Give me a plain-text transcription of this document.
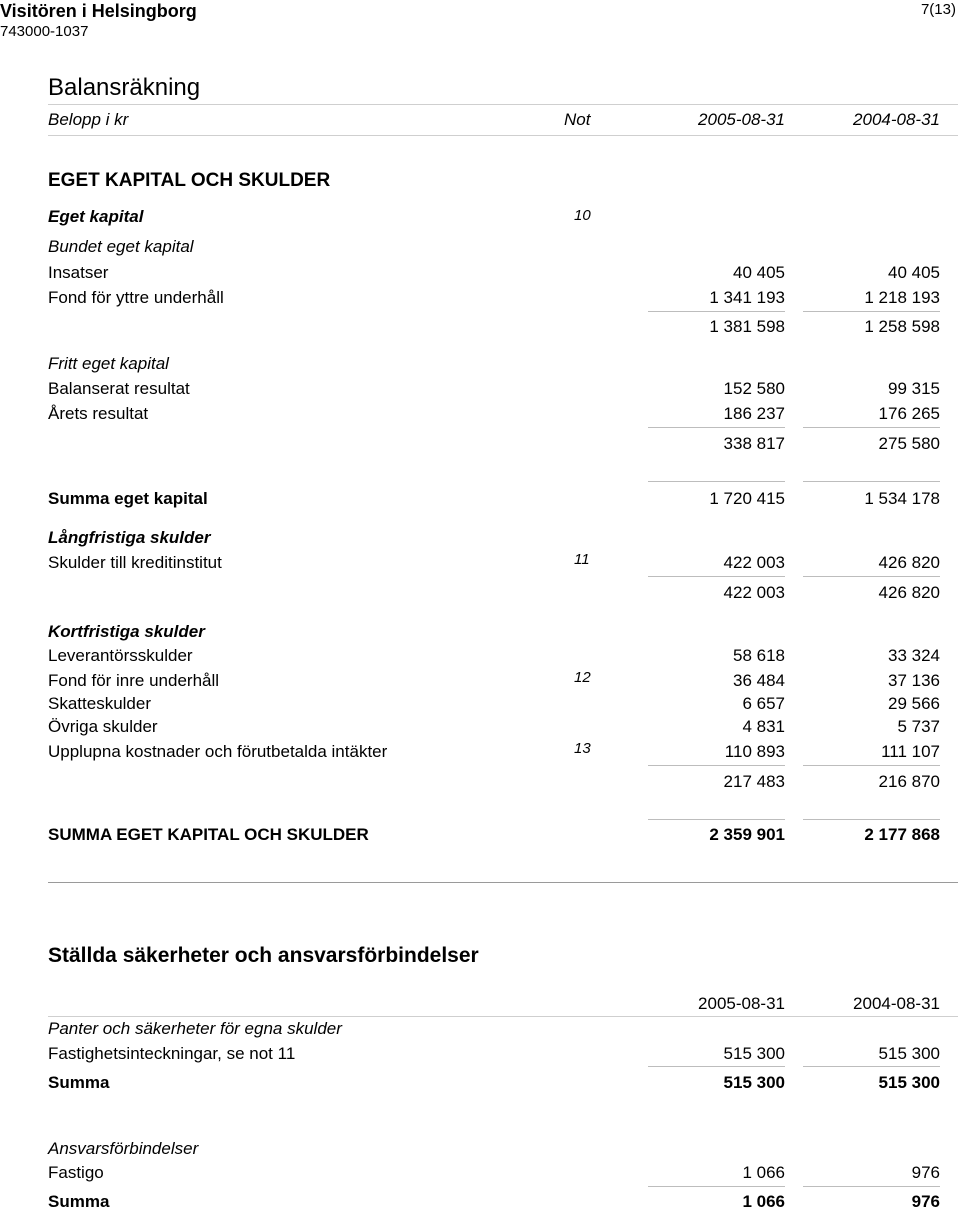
Visitören i Helsingborg
743000-1037
7(13)
Balansräkning
Belopp i kr	Not	2005-08-31	2004-08-31
EGET KAPITAL OCH SKULDER
Eget kapital	10
Bundet eget kapital
Insatser	40 405	40 405
Fond för yttre underhåll	1 341 193	1 218 193
1 381 598	1 258 598
Fritt eget kapital
Balanserat resultat	152 580	99 315
Årets resultat	186 237	176 265
338 817	275 580
Summa eget kapital	1 720 415	1 534 178
Långfristiga skulder
Skulder till kreditinstitut	11	422 003	426 820
422 003	426 820
Kortfristiga skulder
Leverantörsskulder	58 618	33 324
Fond för inre underhåll	12	36 484	37 136
Skatteskulder	6 657	29 566
Övriga skulder	4 831	5 737
Upplupna kostnader och förutbetalda intäkter	13	110 893	111 107
217 483	216 870
SUMMA EGET KAPITAL OCH SKULDER	2 359 901	2 177 868
Ställda säkerheter och ansvarsförbindelser
2005-08-31	2004-08-31
Panter och säkerheter för egna skulder
Fastighetsinteckningar, se not 11	515 300	515 300
Summa	515 300	515 300
Ansvarsförbindelser
Fastigo	1 066	976
Summa	1 066	976
